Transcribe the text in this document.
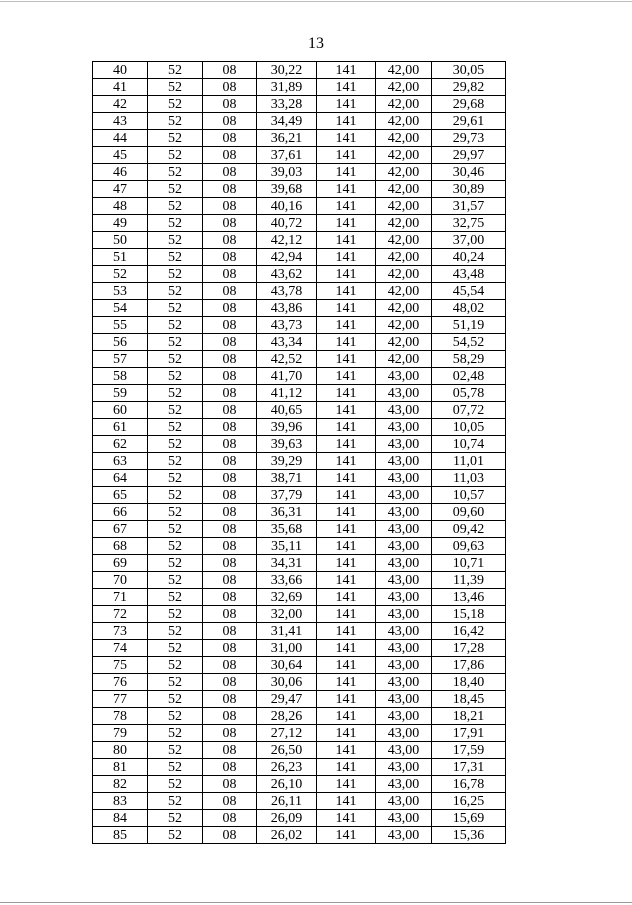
13
40	52	08	30,22	141	42,00	30,05
41	52	08	31,89	141	42,00	29,82
42	52	08	33,28	141	42,00	29,68
43	52	08	34,49	141	42,00	29,61
44	52	08	36,21	141	42,00	29,73
45	52	08	37,61	141	42,00	29,97
46	52	08	39,03	141	42,00	30,46
47	52	08	39,68	141	42,00	30,89
48	52	08	40,16	141	42,00	31,57
49	52	08	40,72	141	42,00	32,75
50	52	08	42,12	141	42,00	37,00
51	52	08	42,94	141	42,00	40,24
52	52	08	43,62	141	42,00	43,48
53	52	08	43,78	141	42,00	45,54
54	52	08	43,86	141	42,00	48,02
55	52	08	43,73	141	42,00	51,19
56	52	08	43,34	141	42,00	54,52
57	52	08	42,52	141	42,00	58,29
58	52	08	41,70	141	43,00	02,48
59	52	08	41,12	141	43,00	05,78
60	52	08	40,65	141	43,00	07,72
61	52	08	39,96	141	43,00	10,05
62	52	08	39,63	141	43,00	10,74
63	52	08	39,29	141	43,00	11,01
64	52	08	38,71	141	43,00	11,03
65	52	08	37,79	141	43,00	10,57
66	52	08	36,31	141	43,00	09,60
67	52	08	35,68	141	43,00	09,42
68	52	08	35,11	141	43,00	09,63
69	52	08	34,31	141	43,00	10,71
70	52	08	33,66	141	43,00	11,39
71	52	08	32,69	141	43,00	13,46
72	52	08	32,00	141	43,00	15,18
73	52	08	31,41	141	43,00	16,42
74	52	08	31,00	141	43,00	17,28
75	52	08	30,64	141	43,00	17,86
76	52	08	30,06	141	43,00	18,40
77	52	08	29,47	141	43,00	18,45
78	52	08	28,26	141	43,00	18,21
79	52	08	27,12	141	43,00	17,91
80	52	08	26,50	141	43,00	17,59
81	52	08	26,23	141	43,00	17,31
82	52	08	26,10	141	43,00	16,78
83	52	08	26,11	141	43,00	16,25
84	52	08	26,09	141	43,00	15,69
85	52	08	26,02	141	43,00	15,36
